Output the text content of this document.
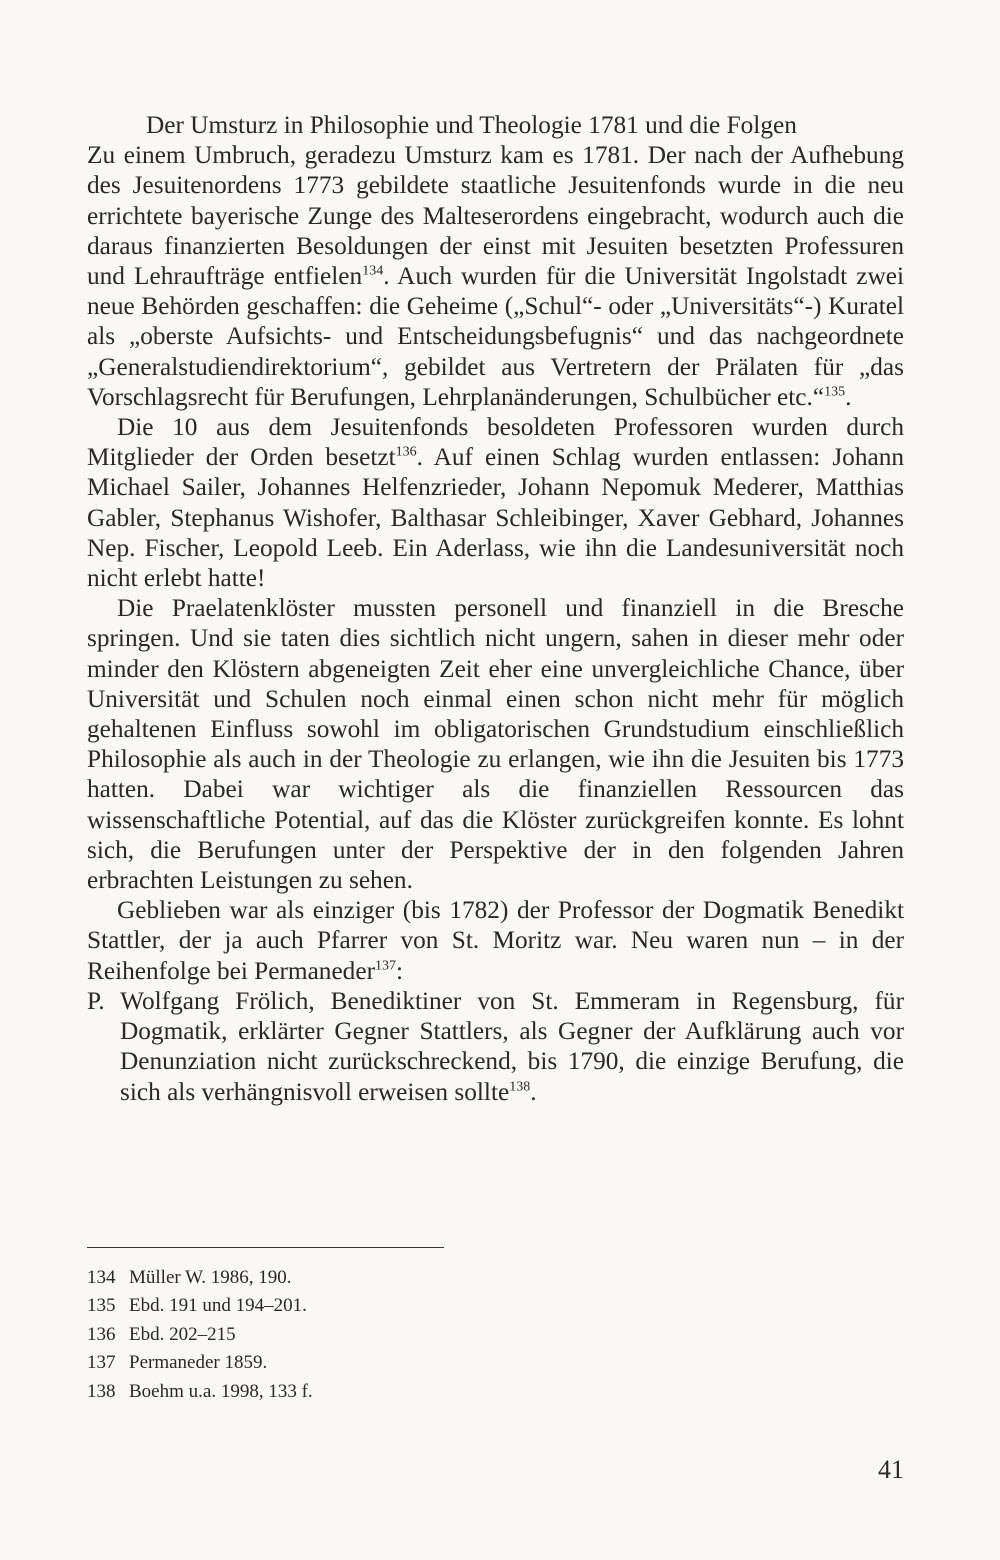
Der Umsturz in Philosophie und Theologie 1781 und die Folgen

Zu einem Umbruch, geradezu Umsturz kam es 1781. Der nach der Aufhebung des Jesuitenordens 1773 gebildete staatliche Jesuitenfonds wurde in die neu errichtete bayerische Zunge des Malteserordens eingebracht, wodurch auch die daraus finanzierten Besoldungen der einst mit Jesuiten besetzten Professuren und Lehraufträge entfielen$^{134}$. Auch wurden für die Universität Ingolstadt zwei neue Behörden geschaffen: die Geheime („Schul“- oder „Universitäts“-) Kuratel als „oberste Aufsichts- und Entscheidungsbefugnis“ und das nachgeordnete „Generalstudiendirektorium“, gebildet aus Vertretern der Prälaten für „das Vorschlagsrecht für Berufungen, Lehrplanänderungen, Schulbücher etc.“$^{135}$.

Die 10 aus dem Jesuitenfonds besoldeten Professoren wurden durch Mitglieder der Orden besetzt$^{136}$. Auf einen Schlag wurden entlassen: Johann Michael Sailer, Johannes Helfenzrieder, Johann Nepomuk Mederer, Matthias Gabler, Stephanus Wishofer, Balthasar Schleibinger, Xaver Gebhard, Johannes Nep. Fischer, Leopold Leeb. Ein Aderlass, wie ihn die Landesuniversität noch nicht erlebt hatte!

Die Praelatenklöster mussten personell und finanziell in die Bresche springen. Und sie taten dies sichtlich nicht ungern, sahen in dieser mehr oder minder den Klöstern abgeneigten Zeit eher eine unvergleichliche Chance, über Universität und Schulen noch einmal einen schon nicht mehr für möglich gehaltenen Einfluss sowohl im obligatorischen Grundstudium einschließlich Philosophie als auch in der Theologie zu erlangen, wie ihn die Jesuiten bis 1773 hatten. Dabei war wichtiger als die finanziellen Ressourcen das wissenschaftliche Potential, auf das die Klöster zurückgreifen konnte. Es lohnt sich, die Berufungen unter der Perspektive der in den folgenden Jahren erbrachten Leistungen zu sehen.

Geblieben war als einziger (bis 1782) der Professor der Dogmatik Benedikt Stattler, der ja auch Pfarrer von St. Moritz war. Neu waren nun – in der Reihenfolge bei Permaneder$^{137}$:

P. Wolfgang Frölich, Benediktiner von St. Emmeram in Regensburg, für Dogmatik, erklärter Gegner Stattlers, als Gegner der Aufklärung auch vor Denunziation nicht zurückschreckend, bis 1790, die einzige Berufung, die sich als verhängnisvoll erweisen sollte$^{138}$.

134 Müller W. 1986, 190.
135 Ebd. 191 und 194–201.
136 Ebd. 202–215
137 Permaneder 1859.
138 Boehm u.a. 1998, 133 f.
41
